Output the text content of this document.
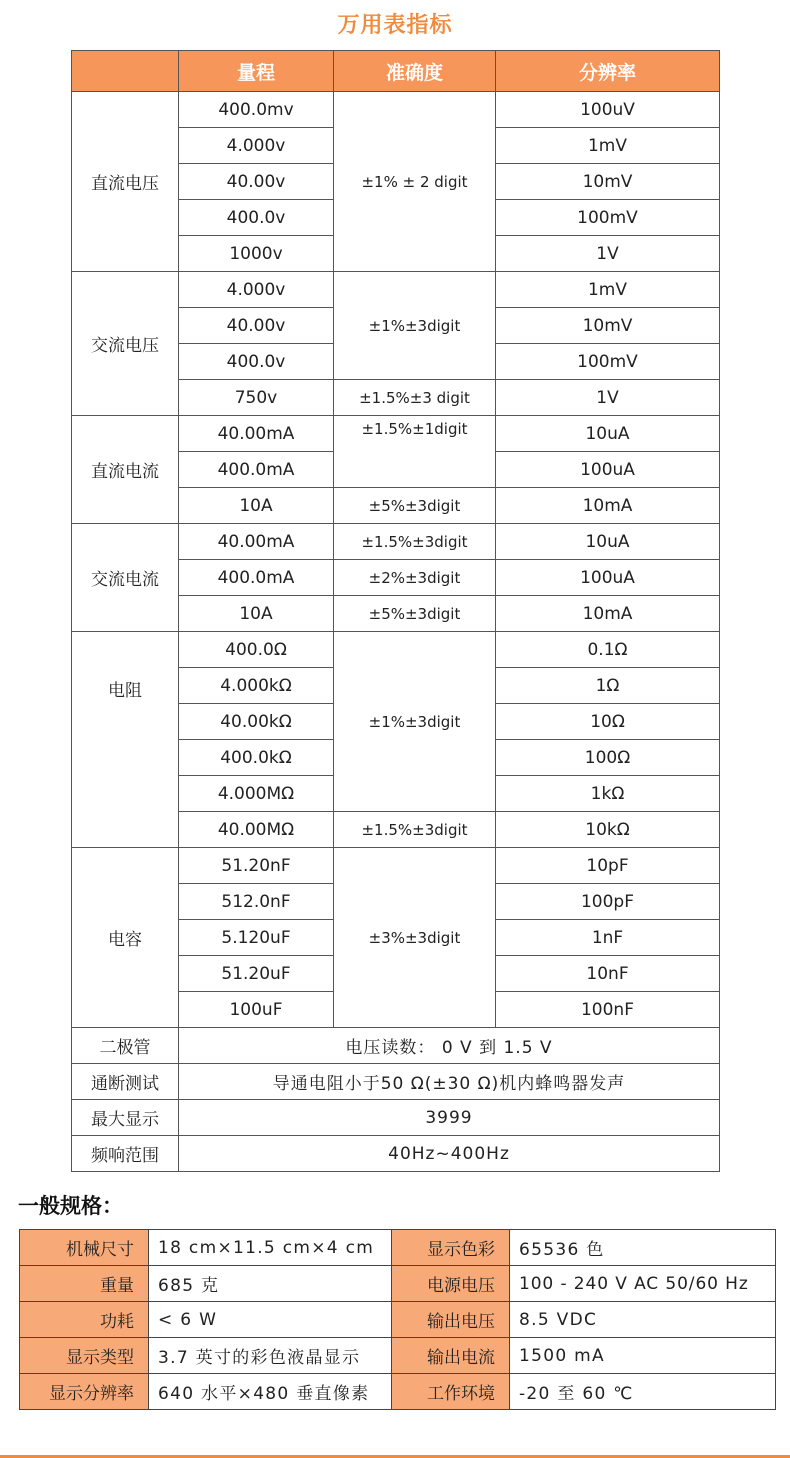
万用表指标
	量程	准确度	分辨率
直流电压	400.0mv	±1% ± 2 digit	100uV
	4.000v		1mV
	40.00v		10mV
	400.0v		100mV
	1000v		1V
交流电压	4.000v	±1%±3digit	1mV
	40.00v		10mV
	400.0v		100mV
	750v	±1.5%±3 digit	1V
直流电流	40.00mA	±1.5%±1digit	10uA
	400.0mA		100uA
	10A	±5%±3digit	10mA
交流电流	40.00mA	±1.5%±3digit	10uA
	400.0mA	±2%±3digit	100uA
	10A	±5%±3digit	10mA
电阻	400.0Ω	±1%±3digit	0.1Ω
	4.000kΩ		1Ω
	40.00kΩ		10Ω
	400.0kΩ		100Ω
	4.000MΩ		1kΩ
	40.00MΩ	±1.5%±3digit	10kΩ
电容	51.20nF	±3%±3digit	10pF
	512.0nF		100pF
	5.120uF		1nF
	51.20uF		10nF
	100uF		100nF
二极管	电压读数： 0 V 到 1.5 V		
通断测试	导通电阻小于50 Ω(±30 Ω)机内蜂鸣器发声		
最大显示	3999		
频响范围	40Hz~400Hz		
一般规格：
机械尺寸	18 cm×11.5 cm×4 cm	显示色彩	65536 色
重量	685 克	电源电压	100 - 240 V AC 50/60 Hz
功耗	< 6 W	输出电压	8.5 VDC
显示类型	3.7 英寸的彩色液晶显示	输出电流	1500 mA
显示分辨率	640 水平×480 垂直像素	工作环境	-20 至 60 ℃
